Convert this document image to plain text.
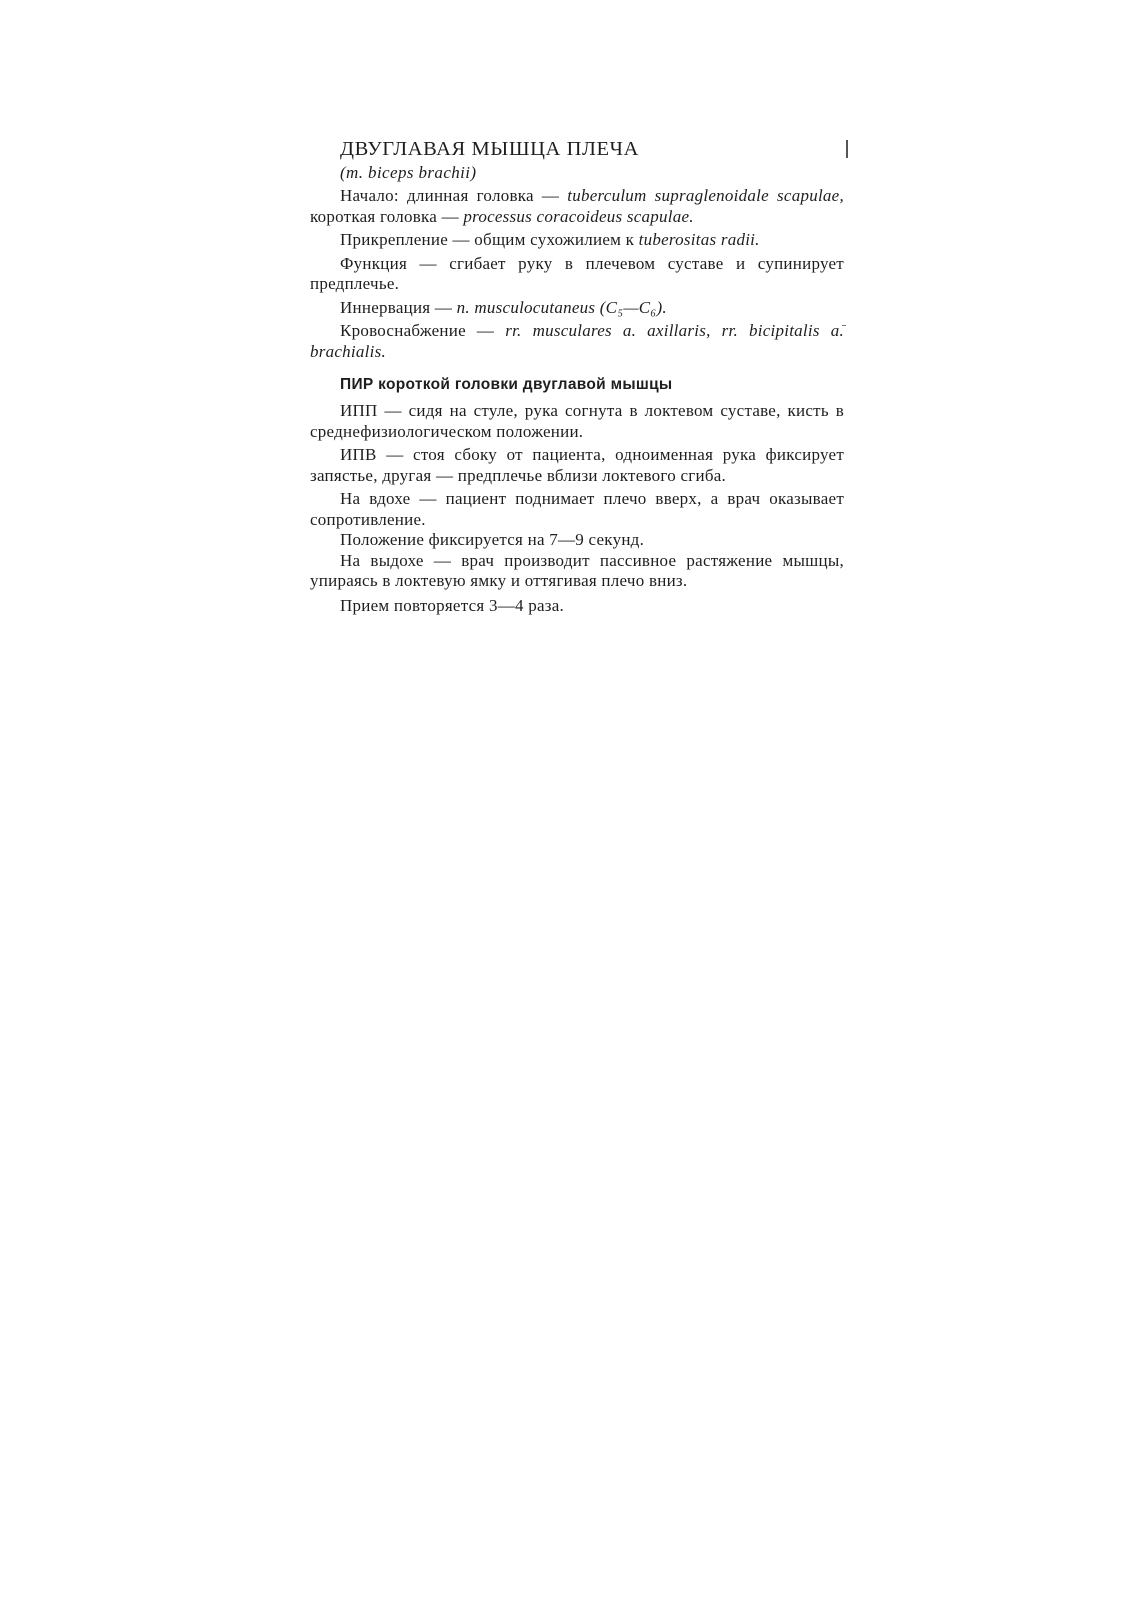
ДВУГЛАВАЯ МЫШЦА ПЛЕЧА
(m. biceps brachii)

Начало: длинная головка — tuberculum supraglenoidale scapulae, короткая головка — processus coracoideus scapulae.

Прикрепление — общим сухожилием к tuberositas radii.

Функция — сгибает руку в плечевом суставе и супинирует предплечье.

Иннервация — n. musculocutaneus (C₅—C₆).

Кровоснабжение — rr. musculares a. axillaris, rr. bicipitalis a. brachialis.

ПИР короткой головки двуглавой мышцы

ИПП — сидя на стуле, рука согнута в локтевом суставе, кисть в среднефизиологическом положении.

ИПВ — стоя сбоку от пациента, одноименная рука фиксирует запястье, другая — предплечье вблизи локтевого сгиба.

На вдохе — пациент поднимает плечо вверх, а врач оказывает сопротивление.

Положение фиксируется на 7—9 секунд.

На выдохе — врач производит пассивное растяжение мышцы, упираясь в локтевую ямку и оттягивая плечо вниз.

Прием повторяется 3—4 раза.
